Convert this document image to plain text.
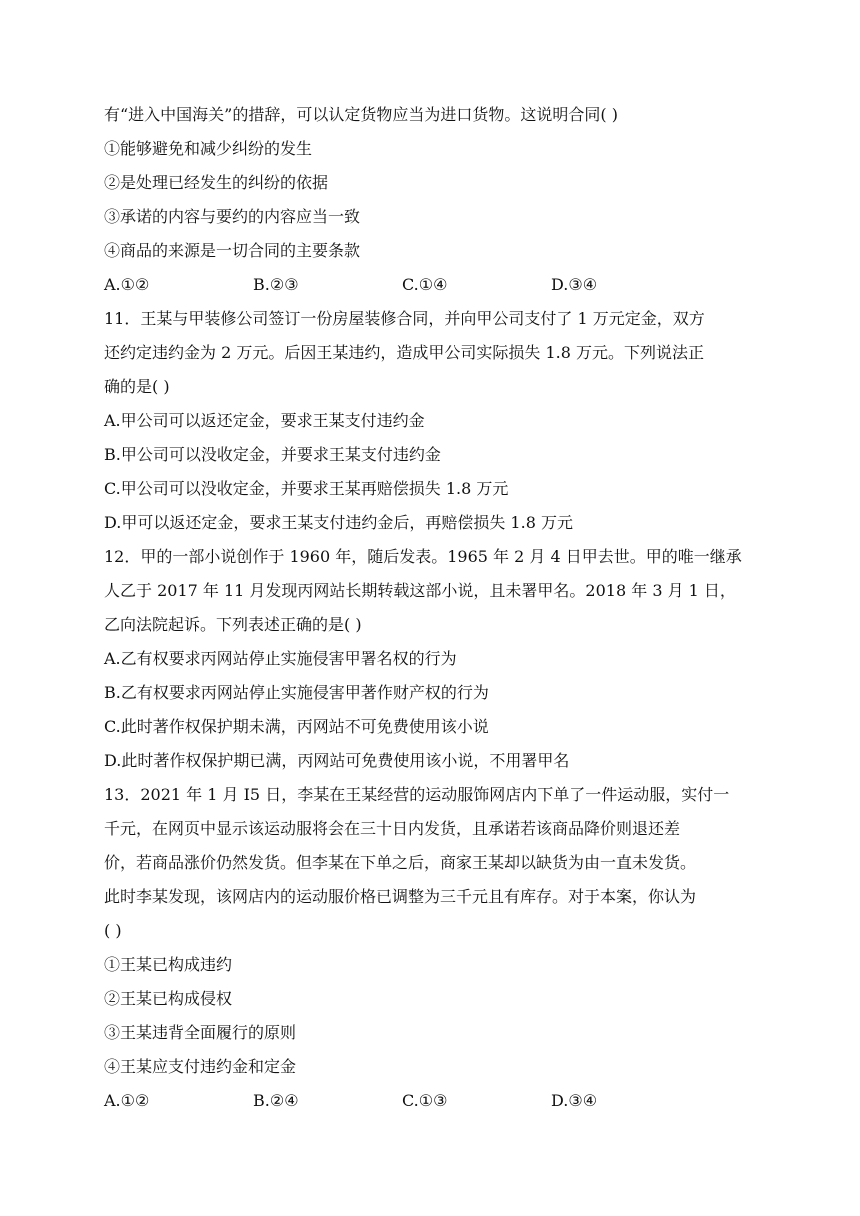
有“进入中国海关”的措辞，可以认定货物应当为进口货物。这说明合同( )
①能够避免和减少纠纷的发生
②是处理已经发生的纠纷的依据
③承诺的内容与要约的内容应当一致
④商品的来源是一切合同的主要条款
A.①②	B.②③	C.①④	D.③④
11．王某与甲装修公司签订一份房屋装修合同，并向甲公司支付了 1 万元定金，双方
还约定违约金为 2 万元。后因王某违约，造成甲公司实际损失 1.8 万元。下列说法正
确的是( )
A.甲公司可以返还定金，要求王某支付违约金
B.甲公司可以没收定金，并要求王某支付违约金
C.甲公司可以没收定金，并要求王某再赔偿损失 1.8 万元
D.甲可以返还定金，要求王某支付违约金后，再赔偿损失 1.8 万元
12．甲的一部小说创作于 1960 年，随后发表。1965 年 2 月 4 日甲去世。甲的唯一继承
人乙于 2017 年 11 月发现丙网站长期转载这部小说，且未署甲名。2018 年 3 月 1 日，
乙向法院起诉。下列表述正确的是( )
A.乙有权要求丙网站停止实施侵害甲署名权的行为
B.乙有权要求丙网站停止实施侵害甲著作财产权的行为
C.此时著作权保护期未满，丙网站不可免费使用该小说
D.此时著作权保护期已满，丙网站可免费使用该小说，不用署甲名
13．2021 年 1 月 I5 日，李某在王某经营的运动服饰网店内下单了一件运动服，实付一
千元，在网页中显示该运动服将会在三十日内发货，且承诺若该商品降价则退还差
价，若商品涨价仍然发货。但李某在下单之后，商家王某却以缺货为由一直未发货。
此时李某发现，该网店内的运动服价格已调整为三千元且有库存。对于本案，你认为
( )
①王某已构成违约
②王某已构成侵权
③王某违背全面履行的原则
④王某应支付违约金和定金
A.①②	B.②④	C.①③	D.③④
